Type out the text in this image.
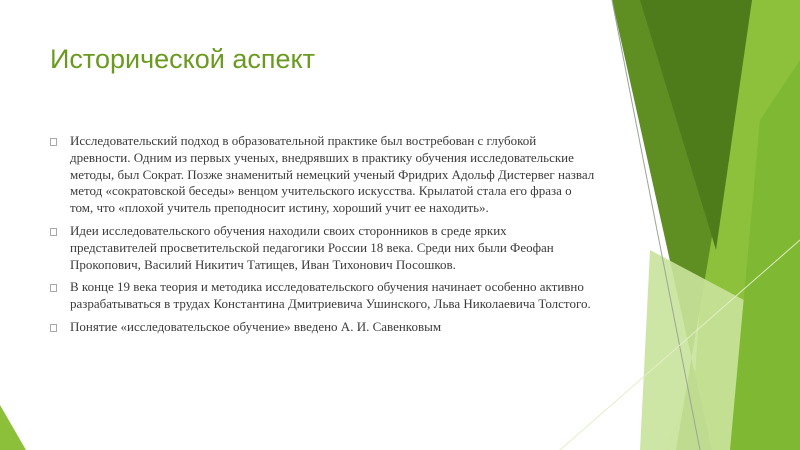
Исторической аспект
Исследовательский подход в образовательной практике был востребован с глубокой древности. Одним из первых ученых, внедрявших в практику обучения исследовательские методы, был Сократ. Позже знаменитый немецкий ученый Фридрих Адольф Дистервег назвал метод «сократовской беседы» венцом учительского искусства. Крылатой стала его фраза о том, что «плохой учитель преподносит истину, хороший учит ее находить».
Идеи исследовательского обучения находили своих сторонников в среде ярких представителей просветительской педагогики России 18 века. Среди них были Феофан Прокопович, Василий Никитич Татищев, Иван Тихонович Посошков.
В конце 19 века теория и методика исследовательского обучения начинает особенно активно разрабатываться в трудах Константина Дмитриевича Ушинского, Льва Николаевича Толстого.
Понятие «исследовательское обучение» введено А. И. Савенковым
